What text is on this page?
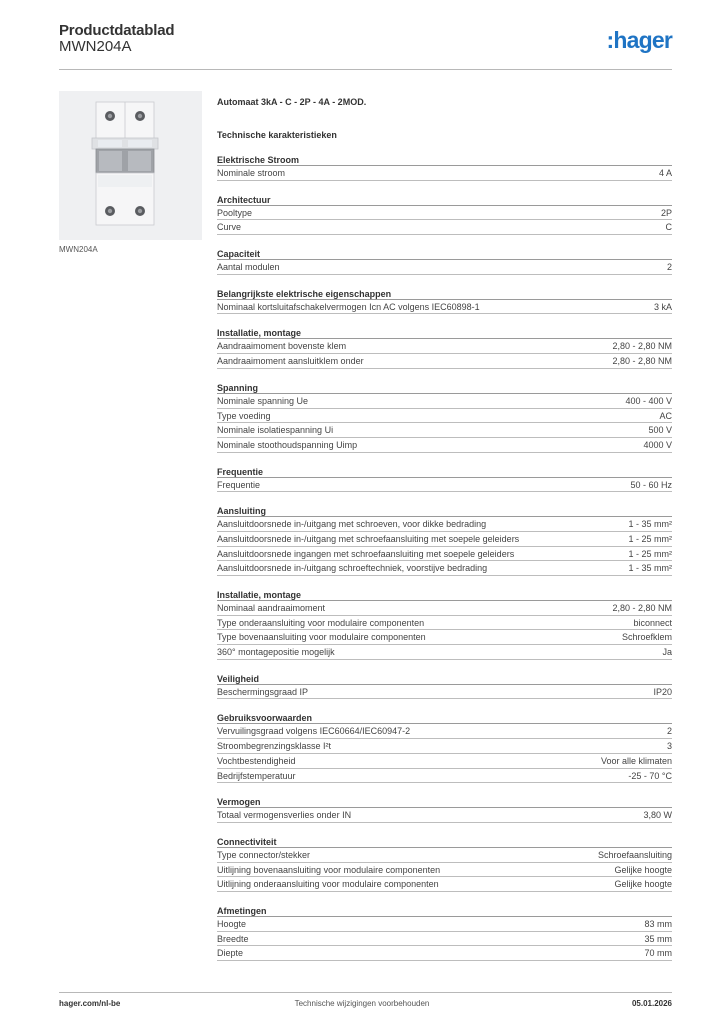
Productdatablad
MWN204A	:hager
MWN204A
Automaat 3kA - C - 2P - 4A - 2MOD.
Technische karakteristieken
Elektrische Stroom
Nominale stroom	4 A
Architectuur
Pooltype	2P
Curve	C
Capaciteit
Aantal modulen	2
Belangrijkste elektrische eigenschappen
Nominaal kortsluitafschakelvermogen Icn AC volgens IEC60898-1	3 kA
Installatie, montage
Aandraaimoment bovenste klem	2,80 - 2,80 NM
Aandraaimoment aansluitklem onder	2,80 - 2,80 NM
Spanning
Nominale spanning Ue	400 - 400 V
Type voeding	AC
Nominale isolatiespanning Ui	500 V
Nominale stoothoudspanning Uimp	4000 V
Frequentie
Frequentie	50 - 60 Hz
Aansluiting
Aansluitdoorsnede in-/uitgang met schroeven, voor dikke bedrading	1 - 35 mm²
Aansluitdoorsnede in-/uitgang met schroefaansluiting met soepele geleiders	1 - 25 mm²
Aansluitdoorsnede ingangen met schroefaansluiting met soepele geleiders	1 - 25 mm²
Aansluitdoorsnede in-/uitgang schroeftechniek, voorstijve bedrading	1 - 35 mm²
Installatie, montage
Nominaal aandraaimoment	2,80 - 2,80 NM
Type onderaansluiting voor modulaire componenten	biconnect
Type bovenaansluiting voor modulaire componenten	Schroefklem
360° montagepositie mogelijk	Ja
Veiligheid
Beschermingsgraad IP	IP20
Gebruiksvoorwaarden
Vervuilingsgraad volgens IEC60664/IEC60947-2	2
Stroombegrenzingsklasse I²t	3
Vochtbestendigheid	Voor alle klimaten
Bedrijfstemperatuur	-25 - 70 °C
Vermogen
Totaal vermogensverlies onder IN	3,80 W
Connectiviteit
Type connector/stekker	Schroefaansluiting
Uitlijning bovenaansluiting voor modulaire componenten	Gelijke hoogte
Uitlijning onderaansluiting voor modulaire componenten	Gelijke hoogte
Afmetingen
Hoogte	83 mm
Breedte	35 mm
Diepte	70 mm
hager.com/nl-be	Technische wijzigingen voorbehouden	05.01.2026
